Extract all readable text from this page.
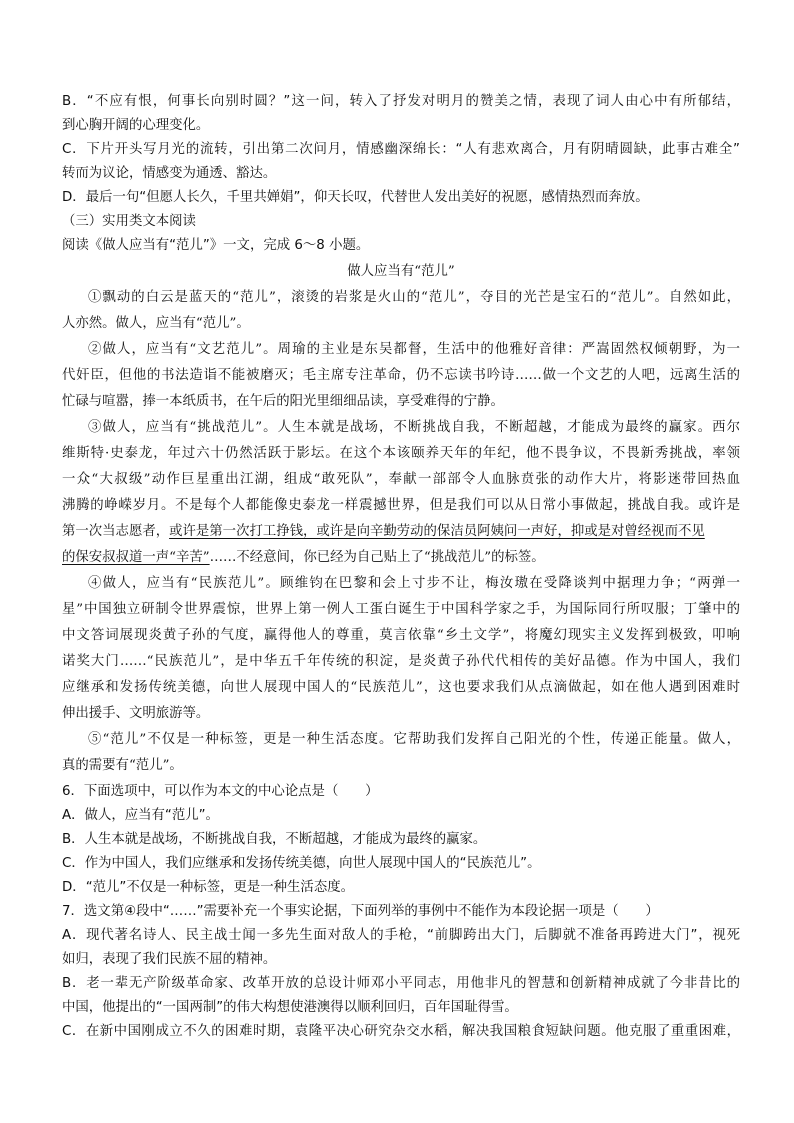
B．“不应有恨，何事长向别时圆？”这一问，转入了抒发对明月的赞美之情，表现了词人由心中有所郁结，
到心胸开阔的心理变化。
C．下片开头写月光的流转，引出第二次问月，情感幽深绵长：“人有悲欢离合，月有阴晴圆缺，此事古难全”
转而为议论，情感变为通透、豁达。
D．最后一句“但愿人长久，千里共婵娟”，仰天长叹，代替世人发出美好的祝愿，感情热烈而奔放。
（三）实用类文本阅读
阅读《做人应当有“范儿”》一文，完成 6～8 小题。
做人应当有“范儿”
①飘动的白云是蓝天的“范儿”，滚烫的岩浆是火山的“范儿”，夺目的光芒是宝石的“范儿”。自然如此，
人亦然。做人，应当有“范儿”。
②做人，应当有“文艺范儿”。周瑜的主业是东吴都督，生活中的他雅好音律：严嵩固然权倾朝野，为一
代奸臣，但他的书法造诣不能被磨灭；毛主席专注革命，仍不忘读书吟诗……做一个文艺的人吧，远离生活的
忙碌与喧嚣，捧一本纸质书，在午后的阳光里细细品读，享受难得的宁静。
③做人，应当有“挑战范儿”。人生本就是战场，不断挑战自我，不断超越，才能成为最终的赢家。西尔
维斯特·史泰龙，年过六十仍然活跃于影坛。在这个本该颐养天年的年纪，他不畏争议，不畏新秀挑战，率领
一众“大叔级”动作巨星重出江湖，组成“敢死队”，奉献一部部令人血脉贲张的动作大片，将影迷带回热血
沸腾的峥嵘岁月。不是每个人都能像史泰龙一样震撼世界，但是我们可以从日常小事做起，挑战自我。或许是
第一次当志愿者，或许是第一次打工挣钱，或许是向辛勤劳动的保洁员阿姨问一声好，抑或是对曾经视而不见
的保安叔叔道一声“辛苦”……不经意间，你已经为自己贴上了“挑战范儿”的标签。
④做人，应当有“民族范儿”。顾维钧在巴黎和会上寸步不让，梅汝璈在受降谈判中据理力争；“两弹一
星”中国独立研制令世界震惊，世界上第一例人工蛋白诞生于中国科学家之手，为国际同行所叹服；丁肇中的
中文答词展现炎黄子孙的气度，赢得他人的尊重，莫言依靠“乡土文学”，将魔幻现实主义发挥到极致，叩响
诺奖大门……“民族范儿”，是中华五千年传统的积淀，是炎黄子孙代代相传的美好品德。作为中国人，我们
应继承和发扬传统美德，向世人展现中国人的“民族范儿”，这也要求我们从点滴做起，如在他人遇到困难时
伸出援手、文明旅游等。
⑤“范儿”不仅是一种标签，更是一种生活态度。它帮助我们发挥自己阳光的个性，传递正能量。做人，
真的需要有“范儿”。
6．下面选项中，可以作为本文的中心论点是（　　）
A．做人，应当有“范儿”。
B．人生本就是战场，不断挑战自我，不断超越，才能成为最终的赢家。
C．作为中国人，我们应继承和发扬传统美德，向世人展现中国人的“民族范儿”。
D．“范儿”不仅是一种标签，更是一种生活态度。
7．选文第④段中“……”需要补充一个事实论据，下面列举的事例中不能作为本段论据一项是（　　）
A．现代著名诗人、民主战士闻一多先生面对敌人的手枪，“前脚跨出大门，后脚就不准备再跨进大门”，视死
如归，表现了我们民族不屈的精神。
B．老一辈无产阶级革命家、改革开放的总设计师邓小平同志，用他非凡的智慧和创新精神成就了今非昔比的
中国，他提出的“一国两制”的伟大构想使港澳得以顺利回归，百年国耻得雪。
C．在新中国刚成立不久的困难时期，袁隆平决心研究杂交水稻，解决我国粮食短缺问题。他克服了重重困难，
